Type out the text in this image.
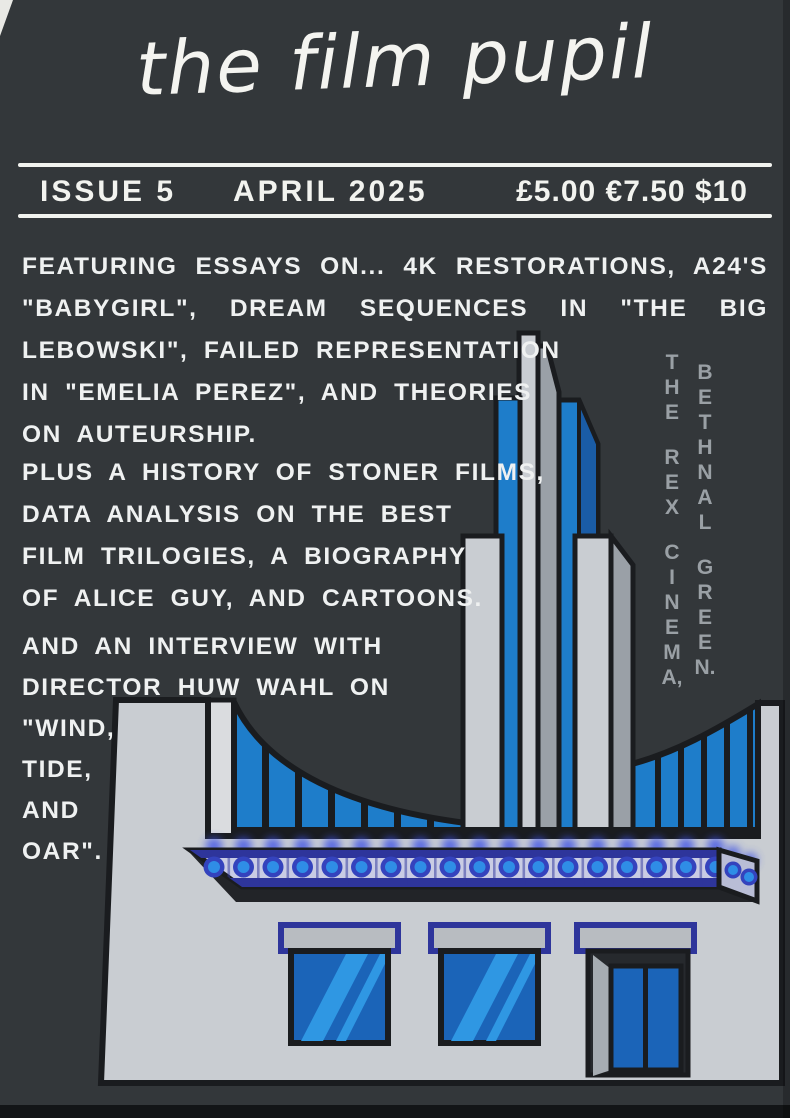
the film pupil
ISSUE 5 APRIL 2025	£5.00 €7.50 $10
FEATURING ESSAYS ON... 4K RESTORATIONS, A24'S
"BABYGIRL", DREAM SEQUENCES IN "THE BIG
LEBOWSKI", FAILED REPRESENTATION
IN "EMELIA PEREZ", AND THEORIES
ON AUTEURSHIP.
PLUS A HISTORY OF STONER FILMS,
DATA ANALYSIS ON THE BEST
FILM TRILOGIES, A BIOGRAPHY
OF ALICE GUY, AND CARTOONS.
AND AN INTERVIEW WITH
DIRECTOR HUW WAHL ON
"WIND,
TIDE,
AND
OAR".
T
H
E
R
E
X
C
I
N
E
M
A,
B
E
T
H
N
A
L
G
R
E
E
N.
